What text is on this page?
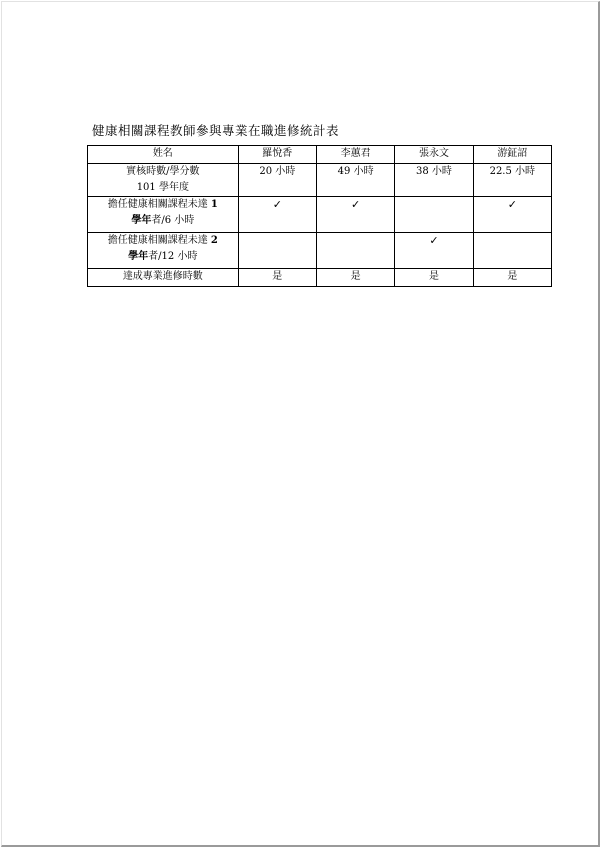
健康相關課程教師參與專業在職進修統計表
姓名	羅悅香	李蕙君	張永文	游鉦詔

實核時數/學分數
101 學年度	20 小時	49 小時	38 小時	22.5 小時

擔任健康相關課程未達 1
學年者/6 小時	✓	✓		✓

擔任健康相關課程未達 2
學年者/12 小時			✓	
達成專業進修時數	是	是	是	是
